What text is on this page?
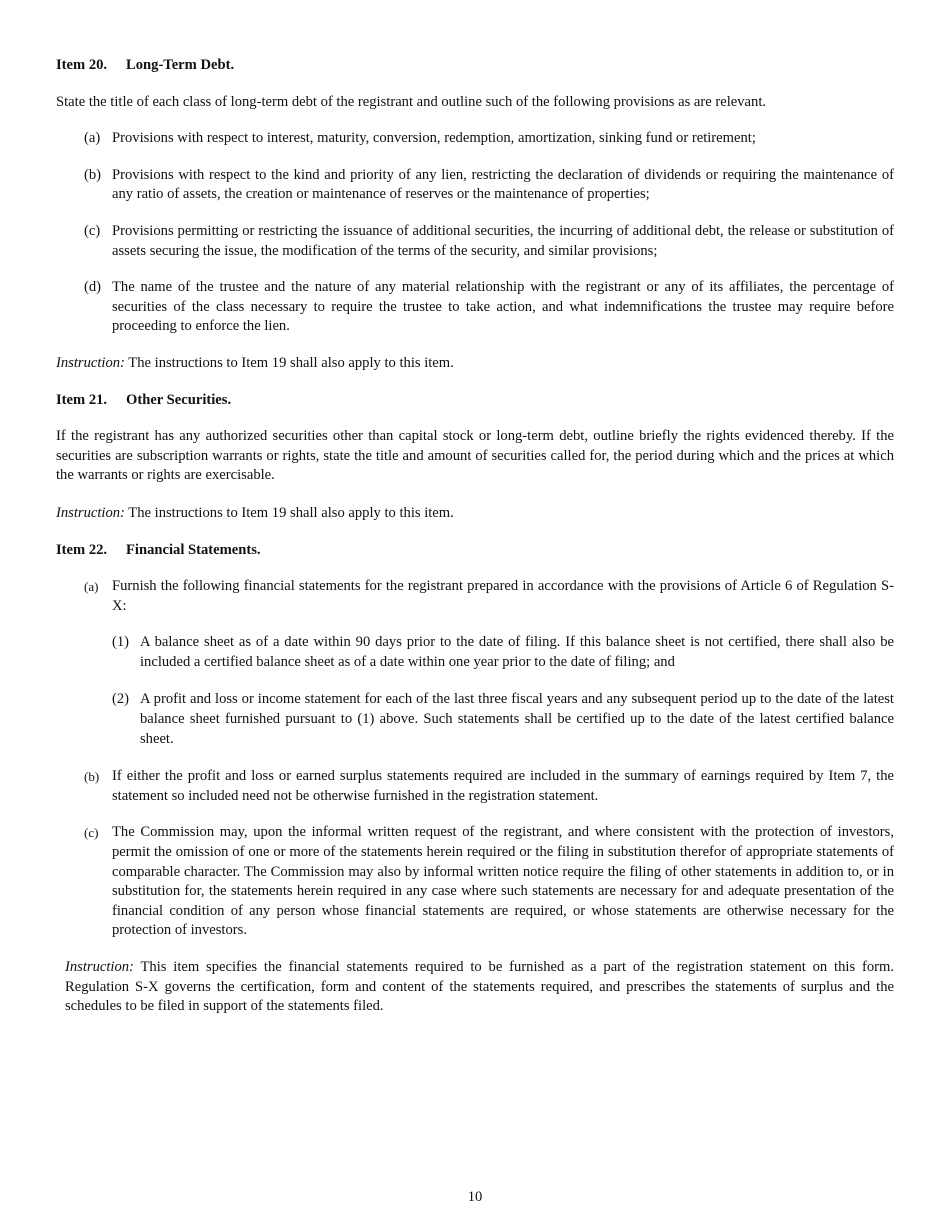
Item 20. Long-Term Debt.

State the title of each class of long-term debt of the registrant and outline such of the following provisions as are relevant.

(a) Provisions with respect to interest, maturity, conversion, redemption, amortization, sinking fund or retirement;
(b) Provisions with respect to the kind and priority of any lien, restricting the declaration of dividends or requiring the maintenance of any ratio of assets, the creation or maintenance of reserves or the maintenance of properties;
(c) Provisions permitting or restricting the issuance of additional securities, the incurring of additional debt, the release or substitution of assets securing the issue, the modification of the terms of the security, and similar provisions;
(d) The name of the trustee and the nature of any material relationship with the registrant or any of its affiliates, the percentage of securities of the class necessary to require the trustee to take action, and what indemnifications the trustee may require before proceeding to enforce the lien.

Instruction: The instructions to Item 19 shall also apply to this item.

Item 21. Other Securities.

If the registrant has any authorized securities other than capital stock or long-term debt, outline briefly the rights evidenced thereby. If the securities are subscription warrants or rights, state the title and amount of securities called for, the period during which and the prices at which the warrants or rights are exercisable.

Instruction: The instructions to Item 19 shall also apply to this item.

Item 22. Financial Statements.
(a) Furnish the following financial statements for the registrant prepared in accordance with the provisions of Article 6 of Regulation S-X:
(1) A balance sheet as of a date within 90 days prior to the date of filing. If this balance sheet is not certified, there shall also be included a certified balance sheet as of a date within one year prior to the date of filing; and
(2) A profit and loss or income statement for each of the last three fiscal years and any subsequent period up to the date of the latest balance sheet furnished pursuant to (1) above. Such statements shall be certified up to the date of the latest certified balance sheet.
(b) If either the profit and loss or earned surplus statements required are included in the summary of earnings required by Item 7, the statement so included need not be otherwise furnished in the registration statement.
(c) The Commission may, upon the informal written request of the registrant, and where consistent with the protection of investors, permit the omission of one or more of the statements herein required or the filing in substitution therefor of appropriate statements of comparable character. The Commission may also by informal written notice require the filing of other statements in addition to, or in substitution for, the statements herein required in any case where such statements are necessary for and adequate presentation of the financial condition of any person whose financial statements are required, or whose statements are otherwise necessary for the protection of investors.

Instruction: This item specifies the financial statements required to be furnished as a part of the registration statement on this form. Regulation S-X governs the certification, form and content of the statements required, and prescribes the statements of surplus and the schedules to be filed in support of the statements filed.

10
